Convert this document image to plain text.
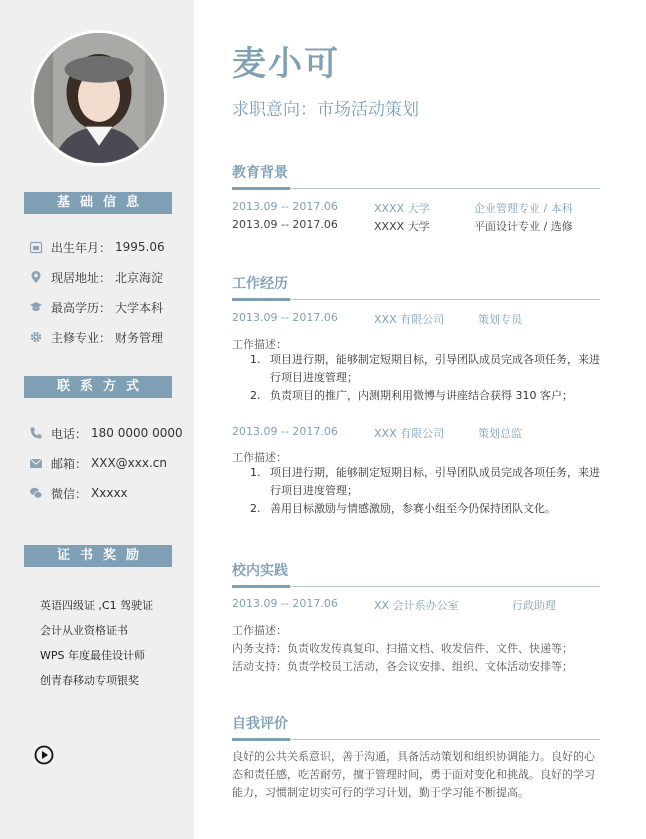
基础信息
出生年月： 1995.06
现居地址： 北京海淀
最高学历： 大学本科
主修专业： 财务管理
联系方式
电话： 180 0000 0000
邮箱： XXX@xxx.cn
微信： Xxxxx
证书奖励
英语四级证 ,C1 驾驶证
会计从业资格证书
WPS 年度最佳设计师
创青春移动专项银奖
麦小可
求职意向：市场活动策划
教育背景
2013.09 -- 2017.06	XXXX 大学	企业管理专业 / 本科
2013.09 -- 2017.06	XXXX 大学	平面设计专业 / 选修
工作经历
2013.09 -- 2017.06	XXX 有限公司	策划专员
工作描述：
1. 项目进行期，能够制定短期目标，引导团队成员完成各项任务，来进行项目进度管理；
2. 负责项目的推广，内测期利用微博与讲座结合获得 310 客户；
2013.09 -- 2017.06	XXX 有限公司	策划总监
工作描述：
1. 项目进行期，能够制定短期目标，引导团队成员完成各项任务，来进行项目进度管理；
2. 善用目标激励与情感激励，参赛小组至今仍保持团队文化。
校内实践
2013.09 -- 2017.06	XX 会计系办公室	行政助理
工作描述：
内务支持：负责收发传真复印、扫描文档、收发信件、文件、快递等；
活动支持：负责学校员工活动，各会议安排、组织、文体活动安排等；
自我评价
良好的公共关系意识，善于沟通，具备活动策划和组织协调能力。良好的心态和责任感，吃苦耐劳，擅于管理时间，勇于面对变化和挑战。良好的学习能力，习惯制定切实可行的学习计划，勤于学习能不断提高。
